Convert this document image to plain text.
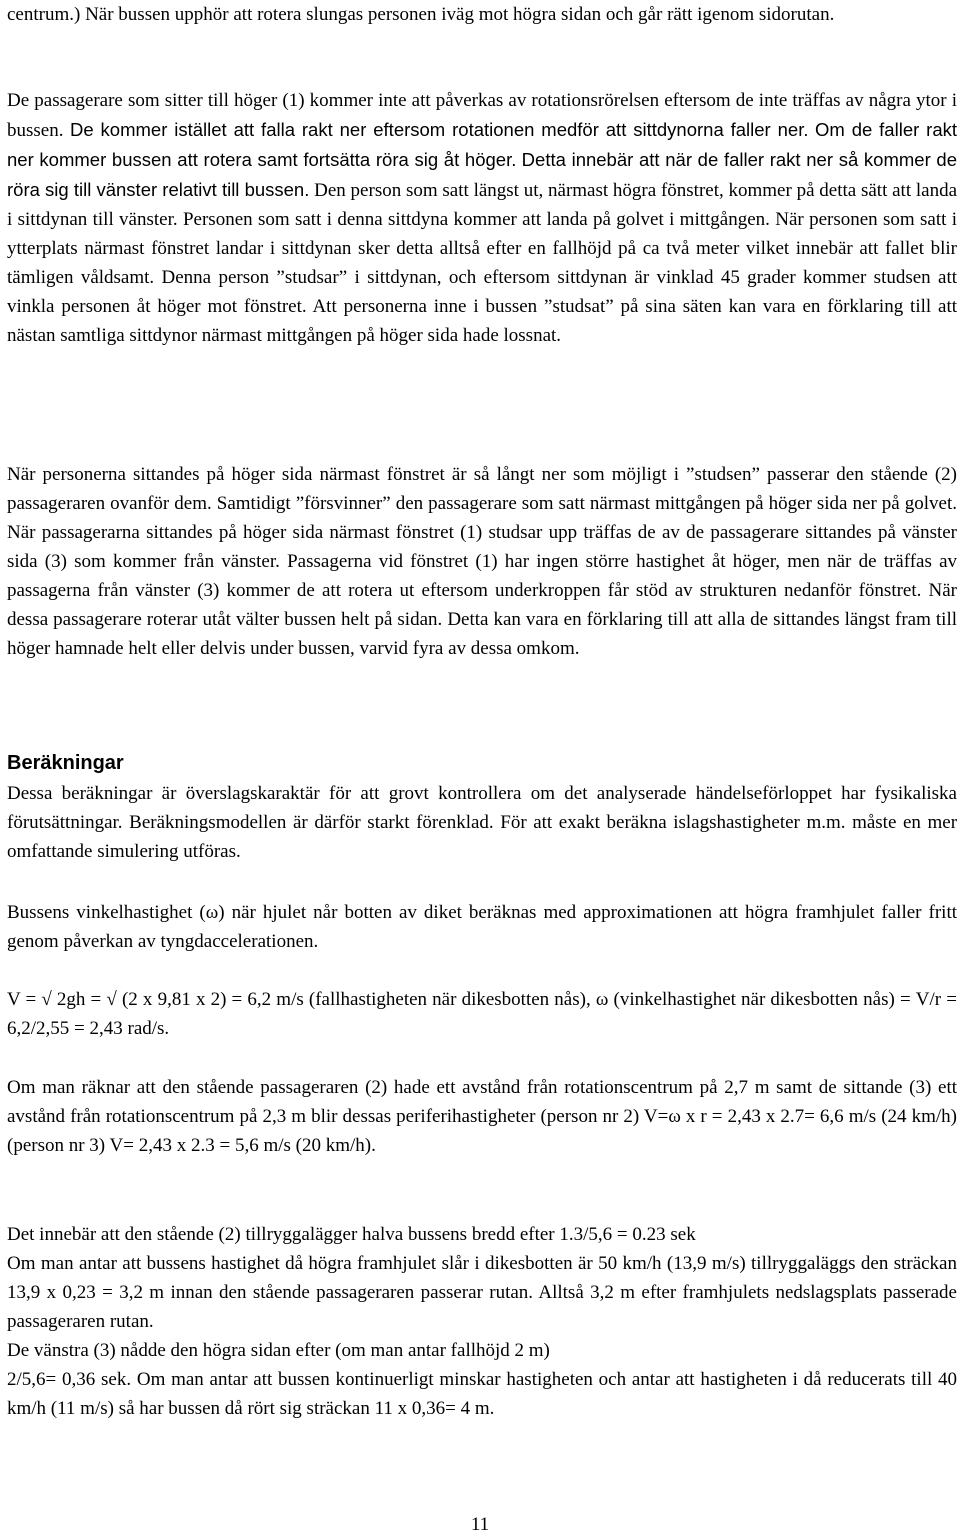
centrum.) När bussen upphör att rotera slungas personen iväg mot högra sidan och går rätt igenom sidorutan.

De passagerare som sitter till höger (1) kommer inte att påverkas av rotationsrörelsen eftersom de inte träffas av några ytor i bussen. De kommer istället att falla rakt ner eftersom rotationen medför att sittdynorna faller ner. Om de faller rakt ner kommer bussen att rotera samt fortsätta röra sig åt höger. Detta innebär att när de faller rakt ner så kommer de röra sig till vänster relativt till bussen. Den person som satt längst ut, närmast högra fönstret, kommer på detta sätt att landa i sittdynan till vänster. Personen som satt i denna sittdyna kommer att landa på golvet i mittgången. När personen som satt i ytterplats närmast fönstret landar i sittdynan sker detta alltså efter en fallhöjd på ca två meter vilket innebär att fallet blir tämligen våldsamt. Denna person ”studsar” i sittdynan, och eftersom sittdynan är vinklad 45 grader kommer studsen att vinkla personen åt höger mot fönstret. Att personerna inne i bussen ”studsat” på sina säten kan vara en förklaring till att nästan samtliga sittdynor närmast mittgången på höger sida hade lossnat.

När personerna sittandes på höger sida närmast fönstret är så långt ner som möjligt i ”studsen” passerar den stående (2) passageraren ovanför dem. Samtidigt ”försvinner” den passagerare som satt närmast mittgången på höger sida ner på golvet. När passagerarna sittandes på höger sida närmast fönstret (1) studsar upp träffas de av de passagerare sittandes på vänster sida (3) som kommer från vänster. Passagerna vid fönstret (1) har ingen större hastighet åt höger, men när de träffas av passagerna från vänster (3) kommer de att rotera ut eftersom underkroppen får stöd av strukturen nedanför fönstret. När dessa passagerare roterar utåt välter bussen helt på sidan. Detta kan vara en förklaring till att alla de sittandes längst fram till höger hamnade helt eller delvis under bussen, varvid fyra av dessa omkom.

Beräkningar

Dessa beräkningar är överslagskaraktär för att grovt kontrollera om det analyserade händelseförloppet har fysikaliska förutsättningar. Beräkningsmodellen är därför starkt förenklad. För att exakt beräkna islagshastigheter m.m. måste en mer omfattande simulering utföras.

Bussens vinkelhastighet (ω) när hjulet når botten av diket beräknas med approximationen att högra framhjulet faller fritt genom påverkan av tyngdaccelerationen.

V = √ 2gh = √ (2 x 9,81 x 2) = 6,2 m/s (fallhastigheten när dikesbotten nås), ω (vinkelhastighet när dikesbotten nås) = V/r = 6,2/2,55 = 2,43 rad/s.

Om man räknar att den stående passageraren (2) hade ett avstånd från rotationscentrum på 2,7 m samt de sittande (3) ett avstånd från rotationscentrum på 2,3 m blir dessas periferihastigheter (person nr 2) V=ω x r = 2,43 x 2.7= 6,6 m/s (24 km/h) (person nr 3) V= 2,43 x 2.3 = 5,6 m/s (20 km/h).

Det innebär att den stående (2) tillryggalägger halva bussens bredd efter 1.3/5,6 = 0.23 sek

Om man antar att bussens hastighet då högra framhjulet slår i dikesbotten är 50 km/h (13,9 m/s) tillryggaläggs den sträckan 13,9 x 0,23 = 3,2 m innan den stående passageraren passerar rutan. Alltså 3,2 m efter framhjulets nedslagsplats passerade passageraren rutan.

De vänstra (3) nådde den högra sidan efter (om man antar fallhöjd 2 m)

2/5,6= 0,36 sek. Om man antar att bussen kontinuerligt minskar hastigheten och antar att hastigheten i då reducerats till 40 km/h (11 m/s) så har bussen då rört sig sträckan 11 x 0,36= 4 m.

11
